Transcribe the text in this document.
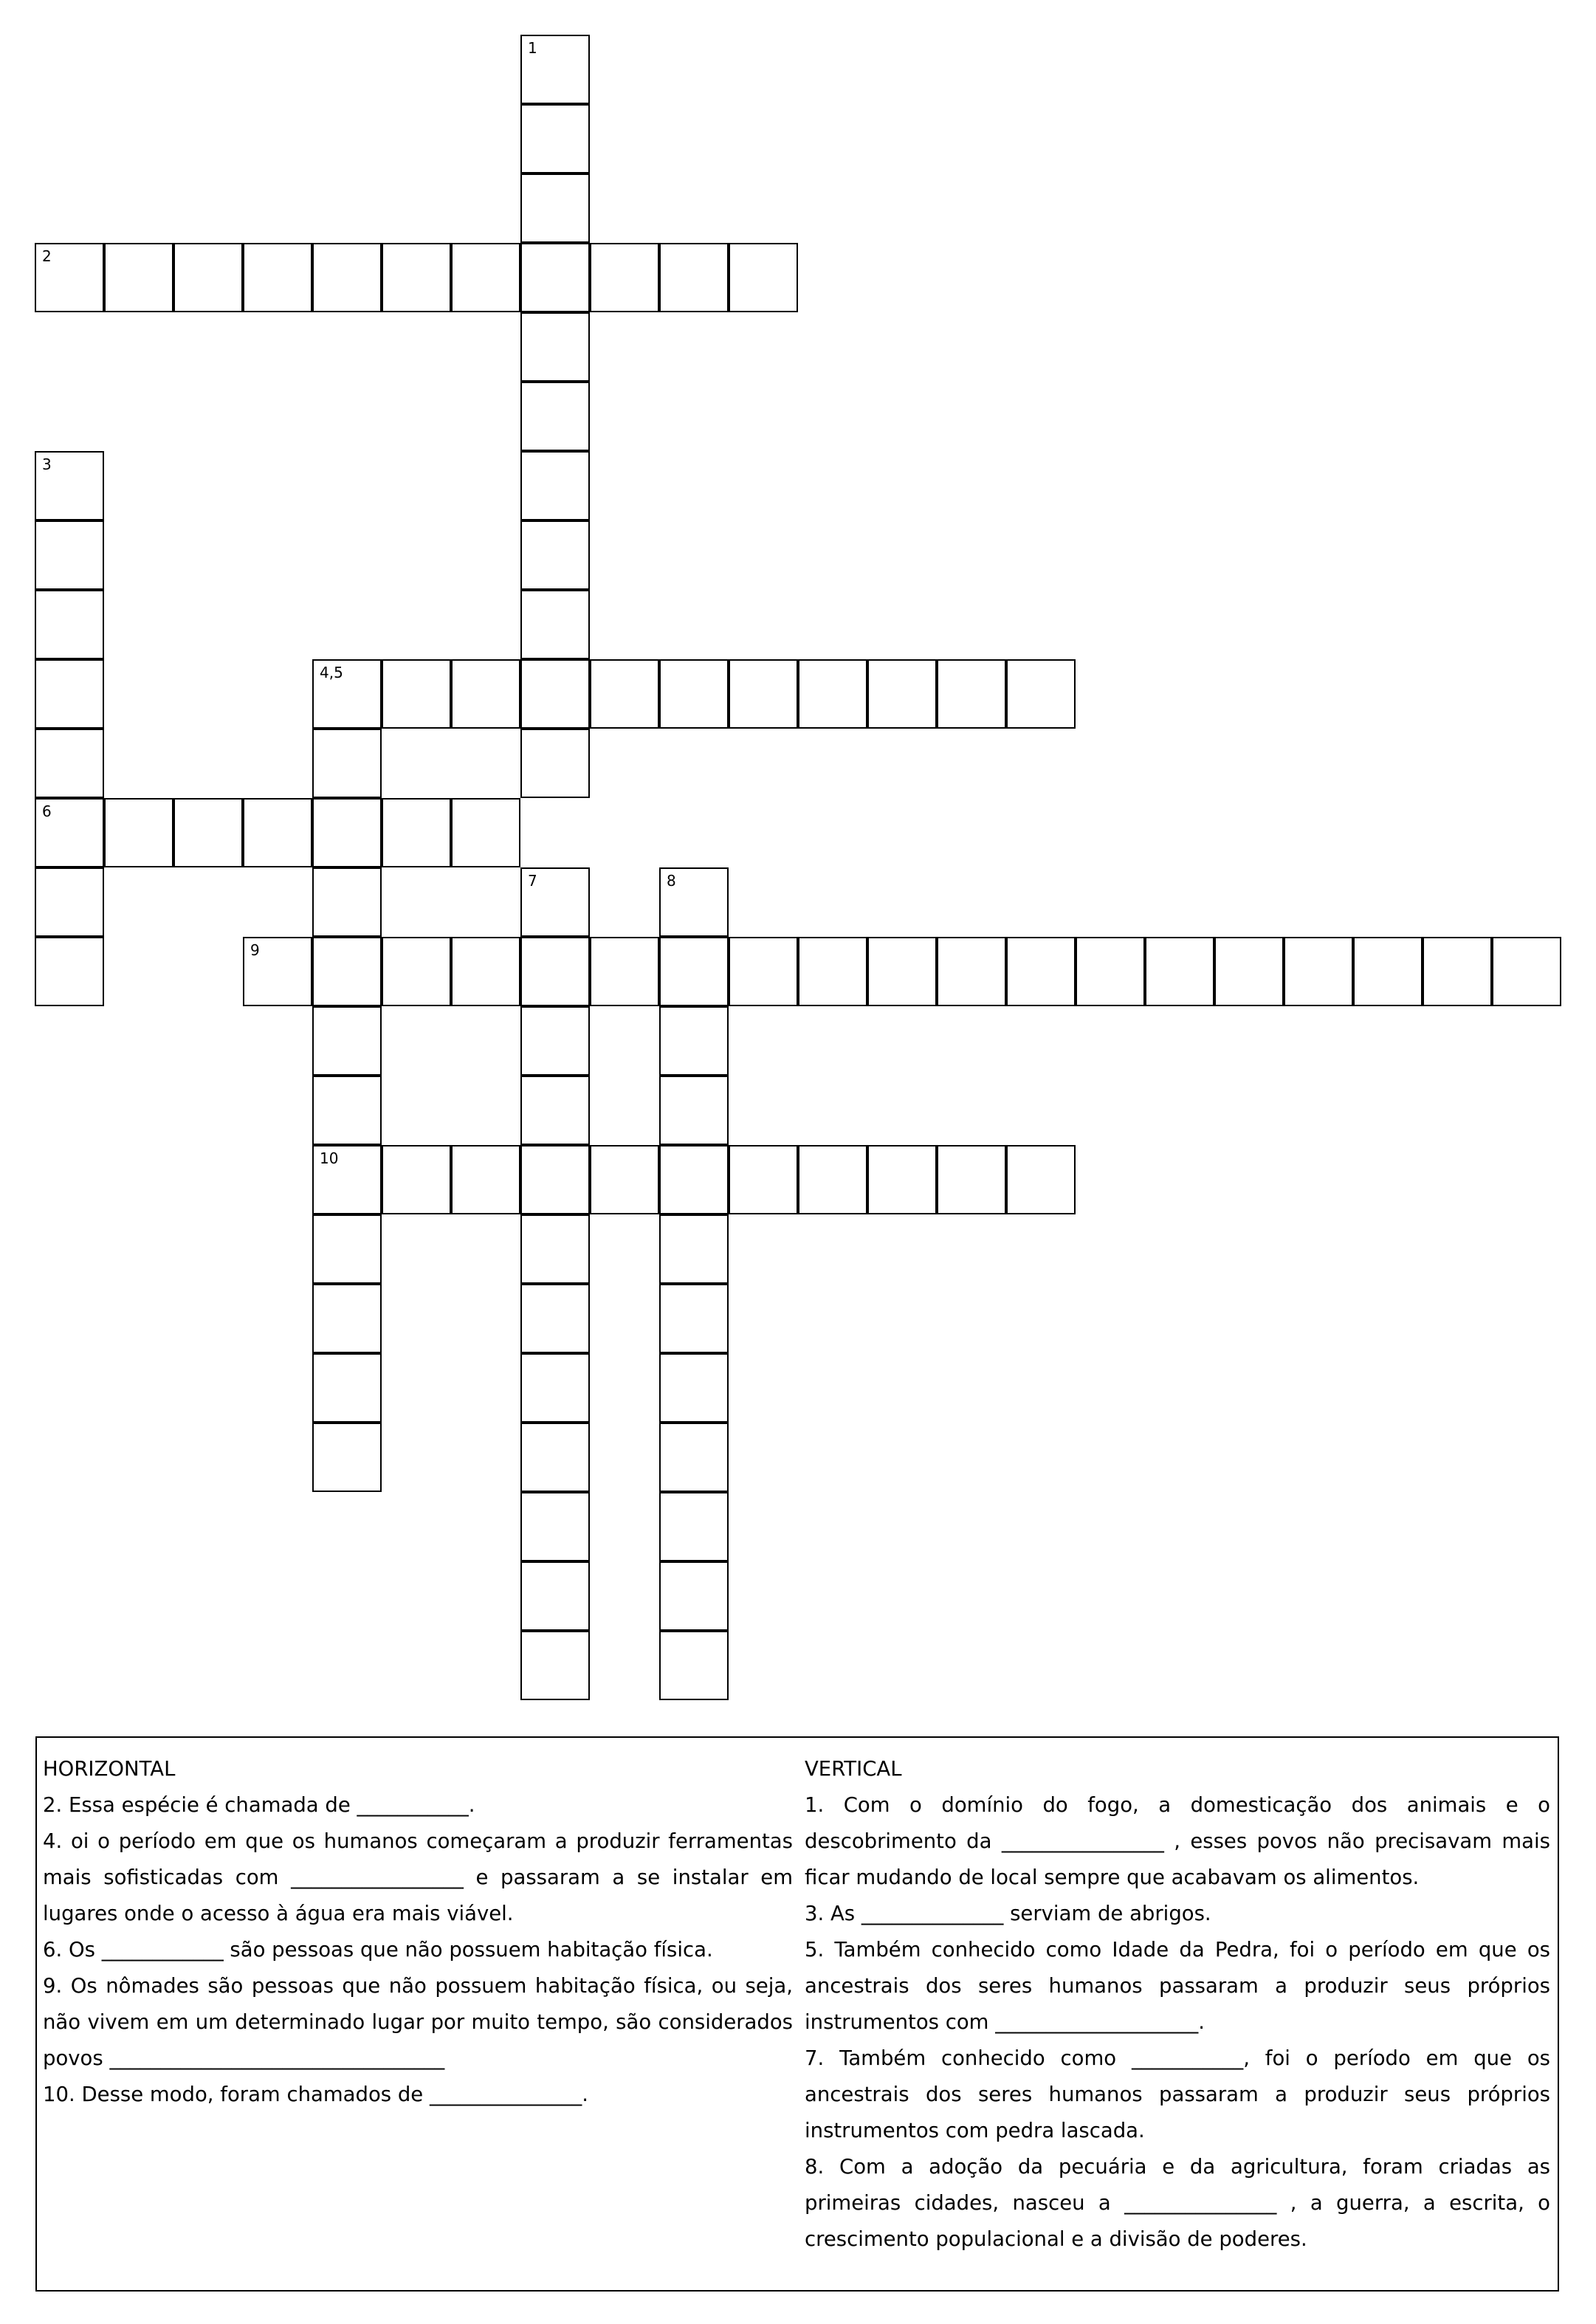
1
2
3
6
4,5
10
7	8
9
HORIZONTAL

2. Essa espécie é chamada de ___________.

4. oi o período em que os humanos começaram a produzir ferramentas mais sofisticadas com _________________ e passaram a se instalar em lugares onde o acesso à água era mais viável.

6. Os ____________ são pessoas que não possuem habitação física.

9. Os nômades são pessoas que não possuem habitação física, ou seja, não vivem em um determinado lugar por muito tempo, são considerados povos _________________________________

10. Desse modo, foram chamados de _______________.

VERTICAL

1. Com o domínio do fogo, a domesticação dos animais e o descobrimento da ________________ , esses povos não precisavam mais ficar mudando de local sempre que acabavam os alimentos.

3. As ______________ serviam de abrigos.

5. Também conhecido como Idade da Pedra, foi o período em que os ancestrais dos seres humanos passaram a produzir seus próprios instrumentos com ____________________.

7. Também conhecido como ___________, foi o período em que os ancestrais dos seres humanos passaram a produzir seus próprios instrumentos com pedra lascada.

8. Com a adoção da pecuária e da agricultura, foram criadas as primeiras cidades, nasceu a _______________ , a guerra, a escrita, o crescimento populacional e a divisão de poderes.
